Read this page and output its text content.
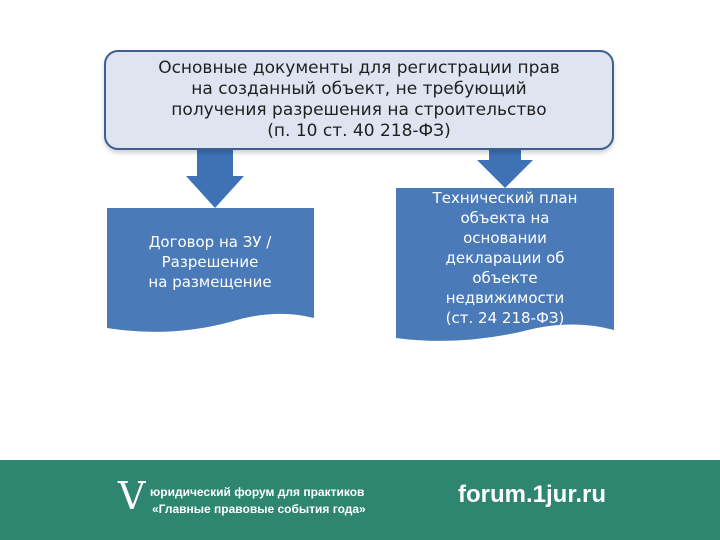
Основные документы для регистрации прав
на созданный объект, не требующий
получения разрешения на строительство
(п. 10 ст. 40 218-ФЗ)
Договор на ЗУ /
Разрешение
на размещение
Технический план
объекта на
основании
декларации об
объекте
недвижимости
(ст. 24 218-ФЗ)
V юридический форум для практиков
«Главные правовые события года»
forum.1jur.ru
